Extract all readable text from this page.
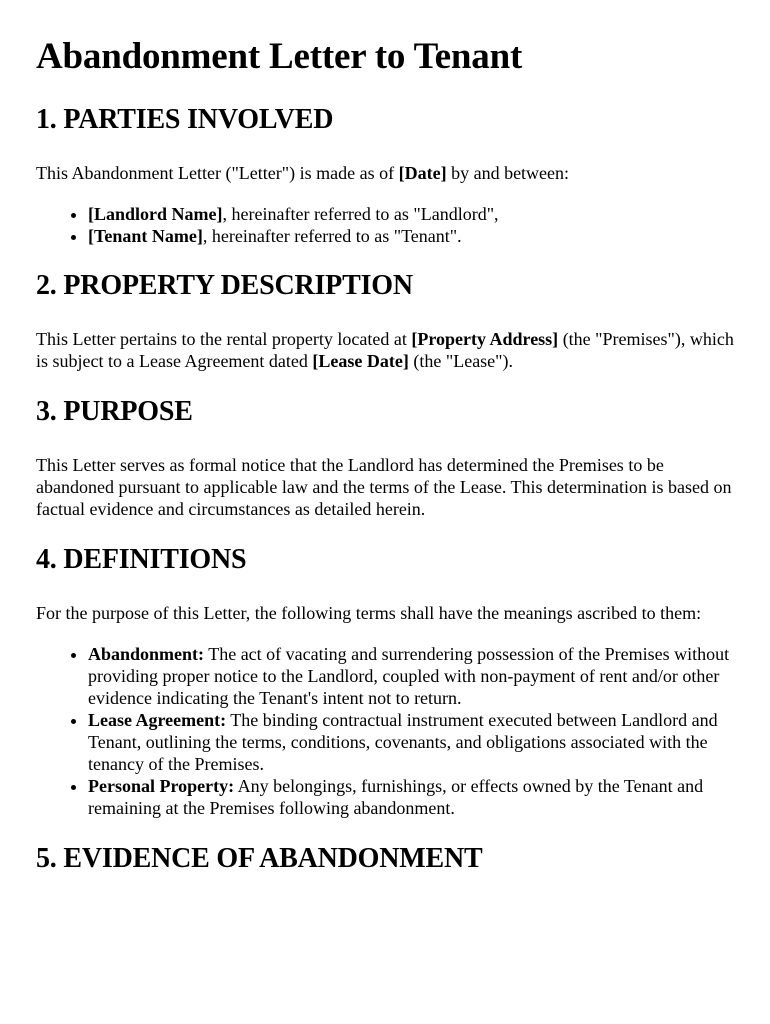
Abandonment Letter to Tenant
1. PARTIES INVOLVED

This Abandonment Letter ("Letter") is made as of [Date] by and between:

• [Landlord Name], hereinafter referred to as "Landlord",
• [Tenant Name], hereinafter referred to as "Tenant".
2. PROPERTY DESCRIPTION

This Letter pertains to the rental property located at [Property Address] (the "Premises"), which is subject to a Lease Agreement dated [Lease Date] (the "Lease").

3. PURPOSE

This Letter serves as formal notice that the Landlord has determined the Premises to be abandoned pursuant to applicable law and the terms of the Lease. This determination is based on factual evidence and circumstances as detailed herein.

4. DEFINITIONS

For the purpose of this Letter, the following terms shall have the meanings ascribed to them:

• Abandonment: The act of vacating and surrendering possession of the Premises without providing proper notice to the Landlord, coupled with non-payment of rent and/or other evidence indicating the Tenant's intent not to return.
• Lease Agreement: The binding contractual instrument executed between Landlord and Tenant, outlining the terms, conditions, covenants, and obligations associated with the tenancy of the Premises.
• Personal Property: Any belongings, furnishings, or effects owned by the Tenant and remaining at the Premises following abandonment.
5. EVIDENCE OF ABANDONMENT
